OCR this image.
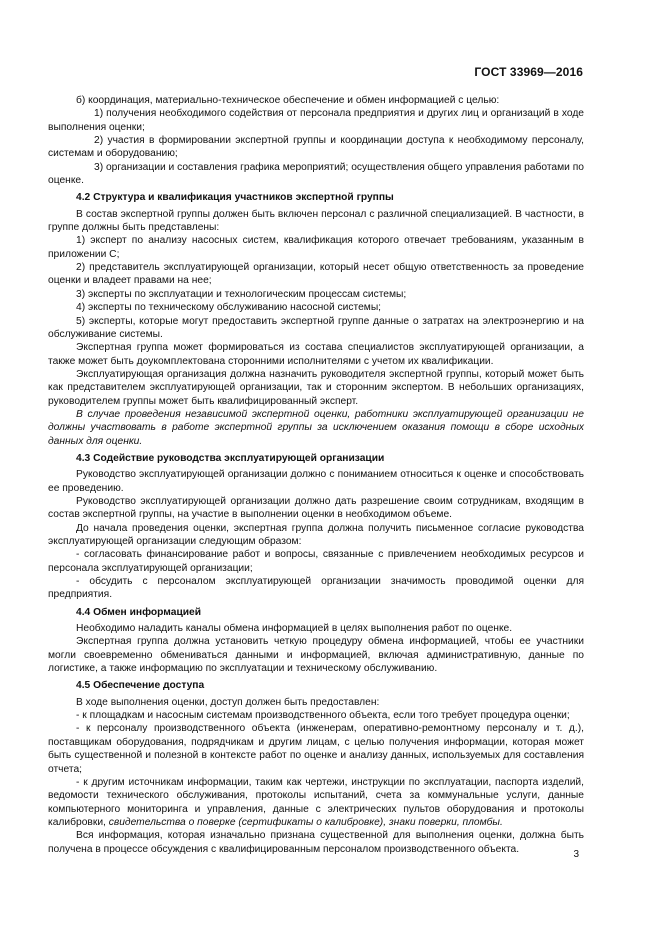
ГОСТ 33969—2016

б) координация, материально-техническое обеспечение и обмен информацией с целью:

1) получения необходимого содействия от персонала предприятия и других лиц и организаций в ходе выполнения оценки;

2) участия в формировании экспертной группы и координации доступа к необходимому персоналу, системам и оборудованию;

3) организации и составления графика мероприятий; осуществления общего управления работами по оценке.

4.2 Структура и квалификация участников экспертной группы

В состав экспертной группы должен быть включен персонал с различной специализацией. В частности, в группе должны быть представлены:

1) эксперт по анализу насосных систем, квалификация которого отвечает требованиям, указанным в приложении С;

2) представитель эксплуатирующей организации, который несет общую ответственность за проведение оценки и владеет правами на нее;

3) эксперты по эксплуатации и технологическим процессам системы;

4) эксперты по техническому обслуживанию насосной системы;

5) эксперты, которые могут предоставить экспертной группе данные о затратах на электроэнергию и на обслуживание системы.

Экспертная группа может формироваться из состава специалистов эксплуатирующей организации, а также может быть доукомплектована сторонними исполнителями с учетом их квалификации.

Эксплуатирующая организация должна назначить руководителя экспертной группы, который может быть как представителем эксплуатирующей организации, так и сторонним экспертом. В небольших организациях, руководителем группы может быть квалифицированный эксперт.

В случае проведения независимой экспертной оценки, работники эксплуатирующей организации не должны участвовать в работе экспертной группы за исключением оказания помощи в сборе исходных данных для оценки.

4.3 Содействие руководства эксплуатирующей организации

Руководство эксплуатирующей организации должно с пониманием относиться к оценке и способствовать ее проведению.

Руководство эксплуатирующей организации должно дать разрешение своим сотрудникам, входящим в состав экспертной группы, на участие в выполнении оценки в необходимом объеме.

До начала проведения оценки, экспертная группа должна получить письменное согласие руководства эксплуатирующей организации следующим образом:

- согласовать финансирование работ и вопросы, связанные с привлечением необходимых ресурсов и персонала эксплуатирующей организации;

- обсудить с персоналом эксплуатирующей организации значимость проводимой оценки для предприятия.

4.4 Обмен информацией

Необходимо наладить каналы обмена информацией в целях выполнения работ по оценке.

Экспертная группа должна установить четкую процедуру обмена информацией, чтобы ее участники могли своевременно обмениваться данными и информацией, включая административную, данные по логистике, а также информацию по эксплуатации и техническому обслуживанию.

4.5 Обеспечение доступа

В ходе выполнения оценки, доступ должен быть предоставлен:

- к площадкам и насосным системам производственного объекта, если того требует процедура оценки;

- к персоналу производственного объекта (инженерам, оперативно-ремонтному персоналу и т. д.), поставщикам оборудования, подрядчикам и другим лицам, с целью получения информации, которая может быть существенной и полезной в контексте работ по оценке и анализу данных, используемых для составления отчета;

- к другим источникам информации, таким как чертежи, инструкции по эксплуатации, паспорта изделий, ведомости технического обслуживания, протоколы испытаний, счета за коммунальные услуги, данные компьютерного мониторинга и управления, данные с электрических пультов оборудования и протоколы калибровки, свидетельства о поверке (сертификаты о калибровке), знаки поверки, пломбы.

Вся информация, которая изначально признана существенной для выполнения оценки, должна быть получена в процессе обсуждения с квалифицированным персоналом производственного объекта.	3
